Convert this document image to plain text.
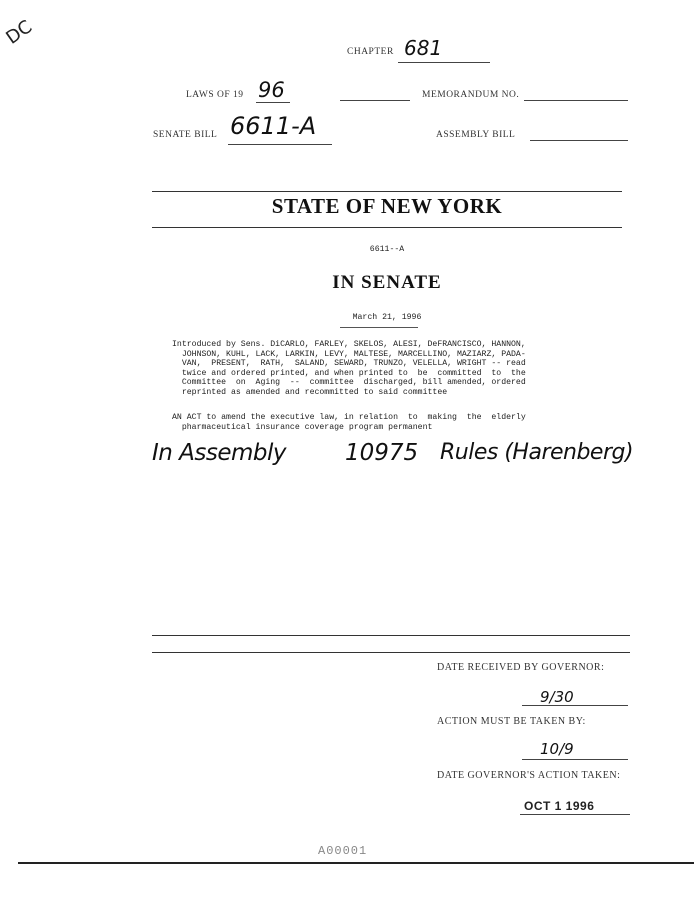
DC
CHAPTER 681
LAWS OF 19 96	MEMORANDUM NO.
SENATE BILL 6611-A	ASSEMBLY BILL
STATE OF NEW YORK
6611--A
IN SENATE
March 21, 1996
Introduced by Sens. DiCARLO, FARLEY, SKELOS, ALESI, DeFRANCISCO, HANNON,
JOHNSON, KUHL, LACK, LARKIN, LEVY, MALTESE, MARCELLINO, MAZIARZ, PADA-
VAN,  PRESENT,  RATH,  SALAND, SEWARD, TRUNZO, VELELLA, WRIGHT -- read
twice and ordered printed, and when printed to  be  committed  to  the
Committee  on  Aging  --  committee  discharged, bill amended, ordered
reprinted as amended and recommitted to said committee
AN ACT to amend the executive law, in relation  to  making  the  elderly
pharmaceutical insurance coverage program permanent
In Assembly	10975 Rules (Harenberg)
DATE RECEIVED BY GOVERNOR:
9/30
ACTION MUST BE TAKEN BY:
10/9
DATE GOVERNOR'S ACTION TAKEN:
OCT 1 1996
A00001
